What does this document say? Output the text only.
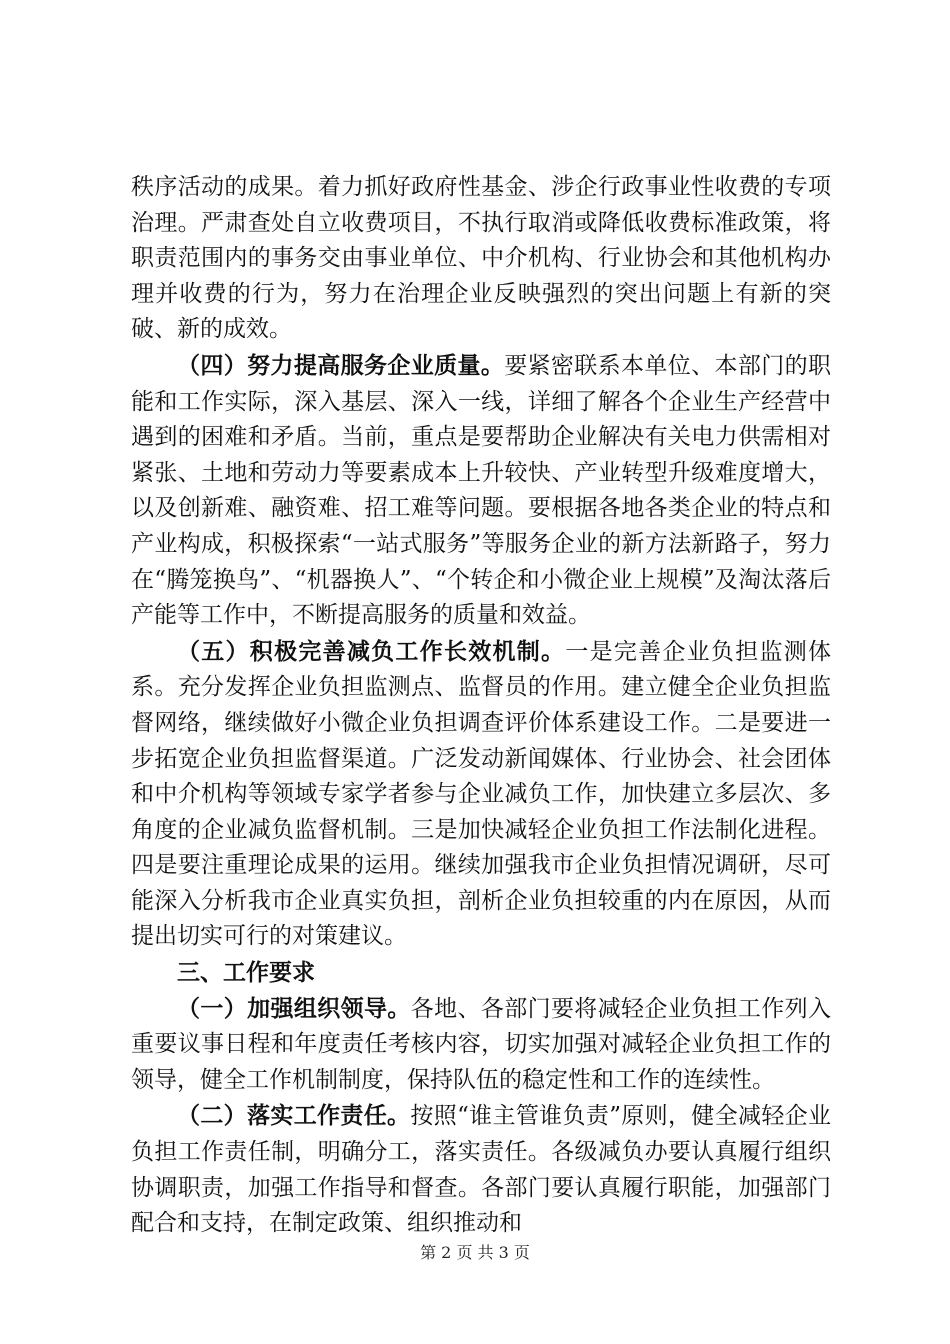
秩序活动的成果。着力抓好政府性基金、涉企行政事业性收费的专项治理。严肃查处自立收费项目，不执行取消或降低收费标准政策，将职责范围内的事务交由事业单位、中介机构、行业协会和其他机构办理并收费的行为，努力在治理企业反映强烈的突出问题上有新的突破、新的成效。

（四）努力提高服务企业质量。要紧密联系本单位、本部门的职能和工作实际，深入基层、深入一线，详细了解各个企业生产经营中遇到的困难和矛盾。当前，重点是要帮助企业解决有关电力供需相对紧张、土地和劳动力等要素成本上升较快、产业转型升级难度增大，以及创新难、融资难、招工难等问题。要根据各地各类企业的特点和产业构成，积极探索“一站式服务”等服务企业的新方法新路子，努力在“腾笼换鸟”、“机器换人”、“个转企和小微企业上规模”及淘汰落后产能等工作中，不断提高服务的质量和效益。

（五）积极完善减负工作长效机制。一是完善企业负担监测体系。充分发挥企业负担监测点、监督员的作用。建立健全企业负担监督网络，继续做好小微企业负担调查评价体系建设工作。二是要进一步拓宽企业负担监督渠道。广泛发动新闻媒体、行业协会、社会团体和中介机构等领域专家学者参与企业减负工作，加快建立多层次、多角度的企业减负监督机制。三是加快减轻企业负担工作法制化进程。四是要注重理论成果的运用。继续加强我市企业负担情况调研，尽可能深入分析我市企业真实负担，剖析企业负担较重的内在原因，从而提出切实可行的对策建议。

三、工作要求

（一）加强组织领导。各地、各部门要将减轻企业负担工作列入重要议事日程和年度责任考核内容，切实加强对减轻企业负担工作的领导，健全工作机制制度，保持队伍的稳定性和工作的连续性。

（二）落实工作责任。按照“谁主管谁负责”原则，健全减轻企业负担工作责任制，明确分工，落实责任。各级减负办要认真履行组织协调职责，加强工作指导和督查。各部门要认真履行职能，加强部门配合和支持，在制定政策、组织推动和

第 2 页 共 3 页
